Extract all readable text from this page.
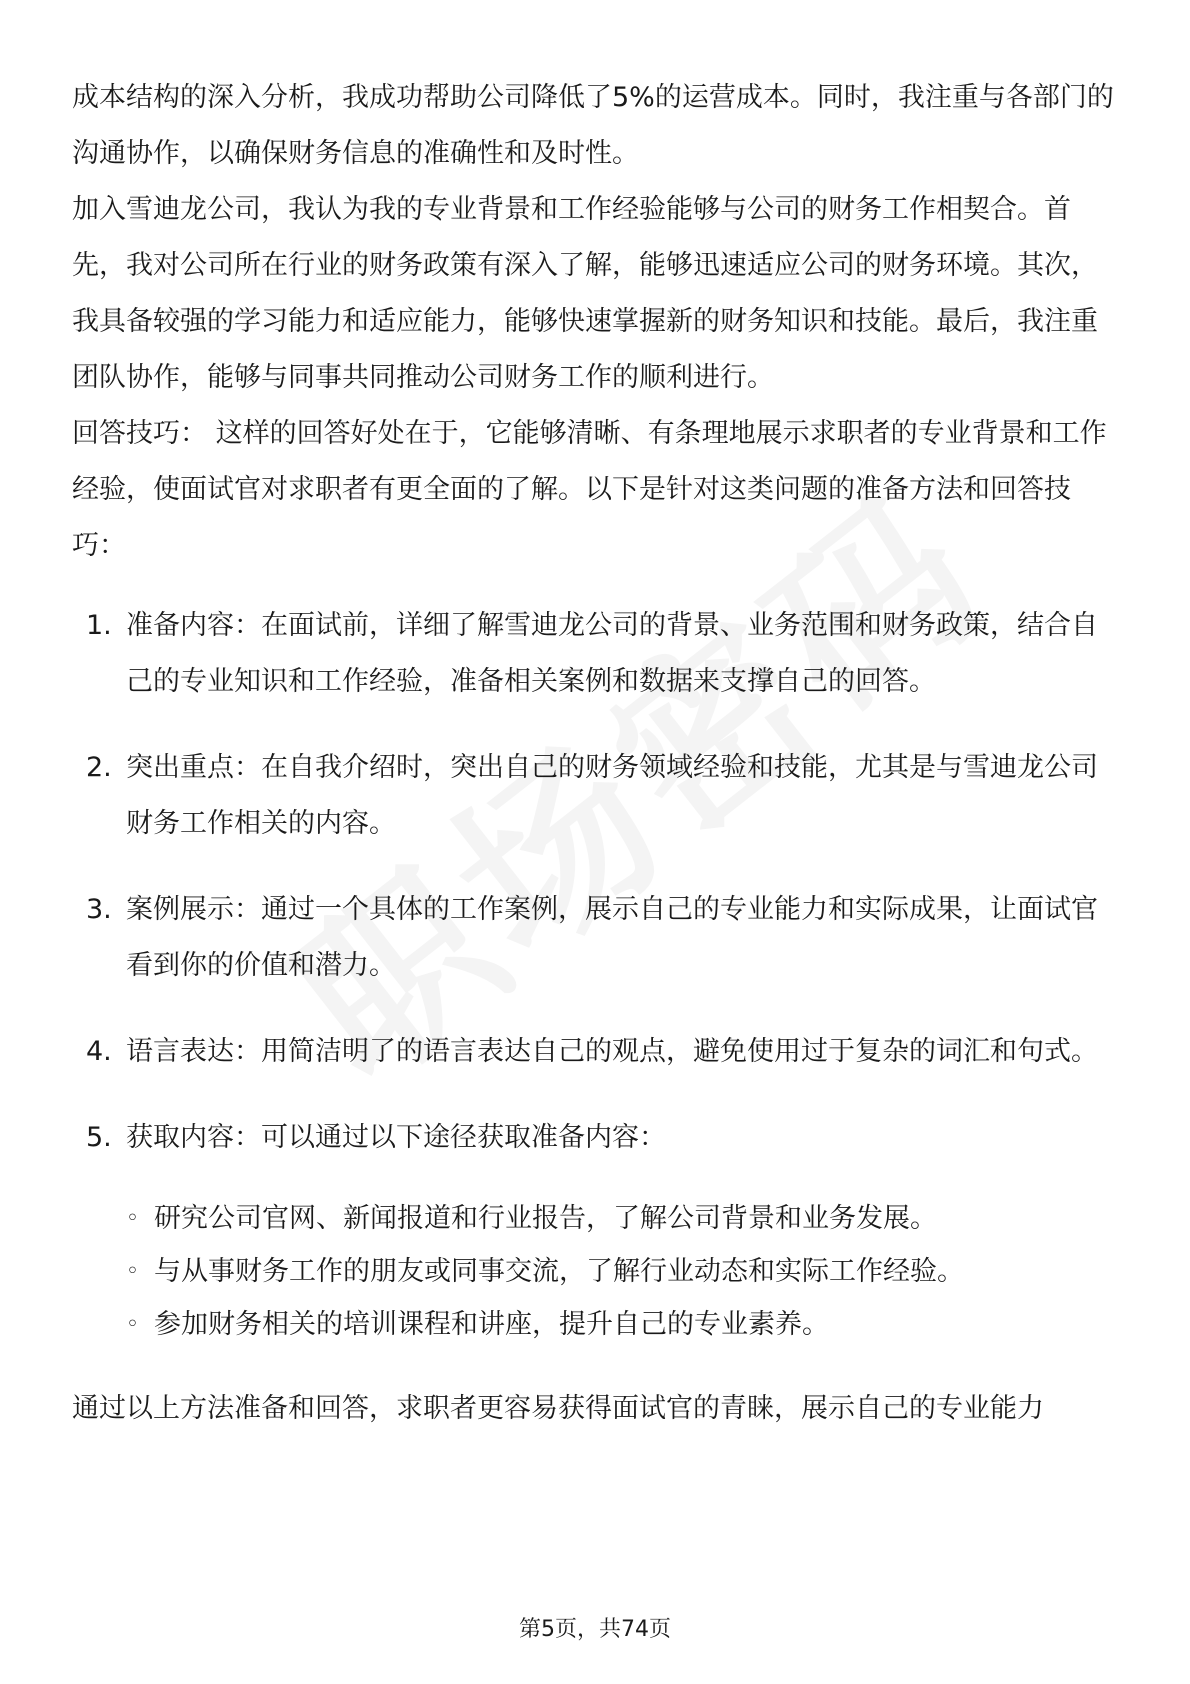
成本结构的深入分析，我成功帮助公司降低了5%的运营成本。同时，我注重与各部门的沟通协作，以确保财务信息的准确性和及时性。

加入雪迪龙公司，我认为我的专业背景和工作经验能够与公司的财务工作相契合。首先，我对公司所在行业的财务政策有深入了解，能够迅速适应公司的财务环境。其次，我具备较强的学习能力和适应能力，能够快速掌握新的财务知识和技能。最后，我注重团队协作，能够与同事共同推动公司财务工作的顺利进行。

回答技巧： 这样的回答好处在于，它能够清晰、有条理地展示求职者的专业背景和工作经验，使面试官对求职者有更全面的了解。以下是针对这类问题的准备方法和回答技巧：

1. 准备内容：在面试前，详细了解雪迪龙公司的背景、业务范围和财务政策，结合自己的专业知识和工作经验，准备相关案例和数据来支撑自己的回答。
2. 突出重点：在自我介绍时，突出自己的财务领域经验和技能，尤其是与雪迪龙公司财务工作相关的内容。
3. 案例展示：通过一个具体的工作案例，展示自己的专业能力和实际成果，让面试官看到你的价值和潜力。
4. 语言表达：用简洁明了的语言表达自己的观点，避免使用过于复杂的词汇和句式。
5. 获取内容：可以通过以下途径获取准备内容：
◦ 研究公司官网、新闻报道和行业报告，了解公司背景和业务发展。
◦ 与从事财务工作的朋友或同事交流，了解行业动态和实际工作经验。
◦ 参加财务相关的培训课程和讲座，提升自己的专业素养。

通过以上方法准备和回答，求职者更容易获得面试官的青睐，展示自己的专业能力

第5页，共74页
